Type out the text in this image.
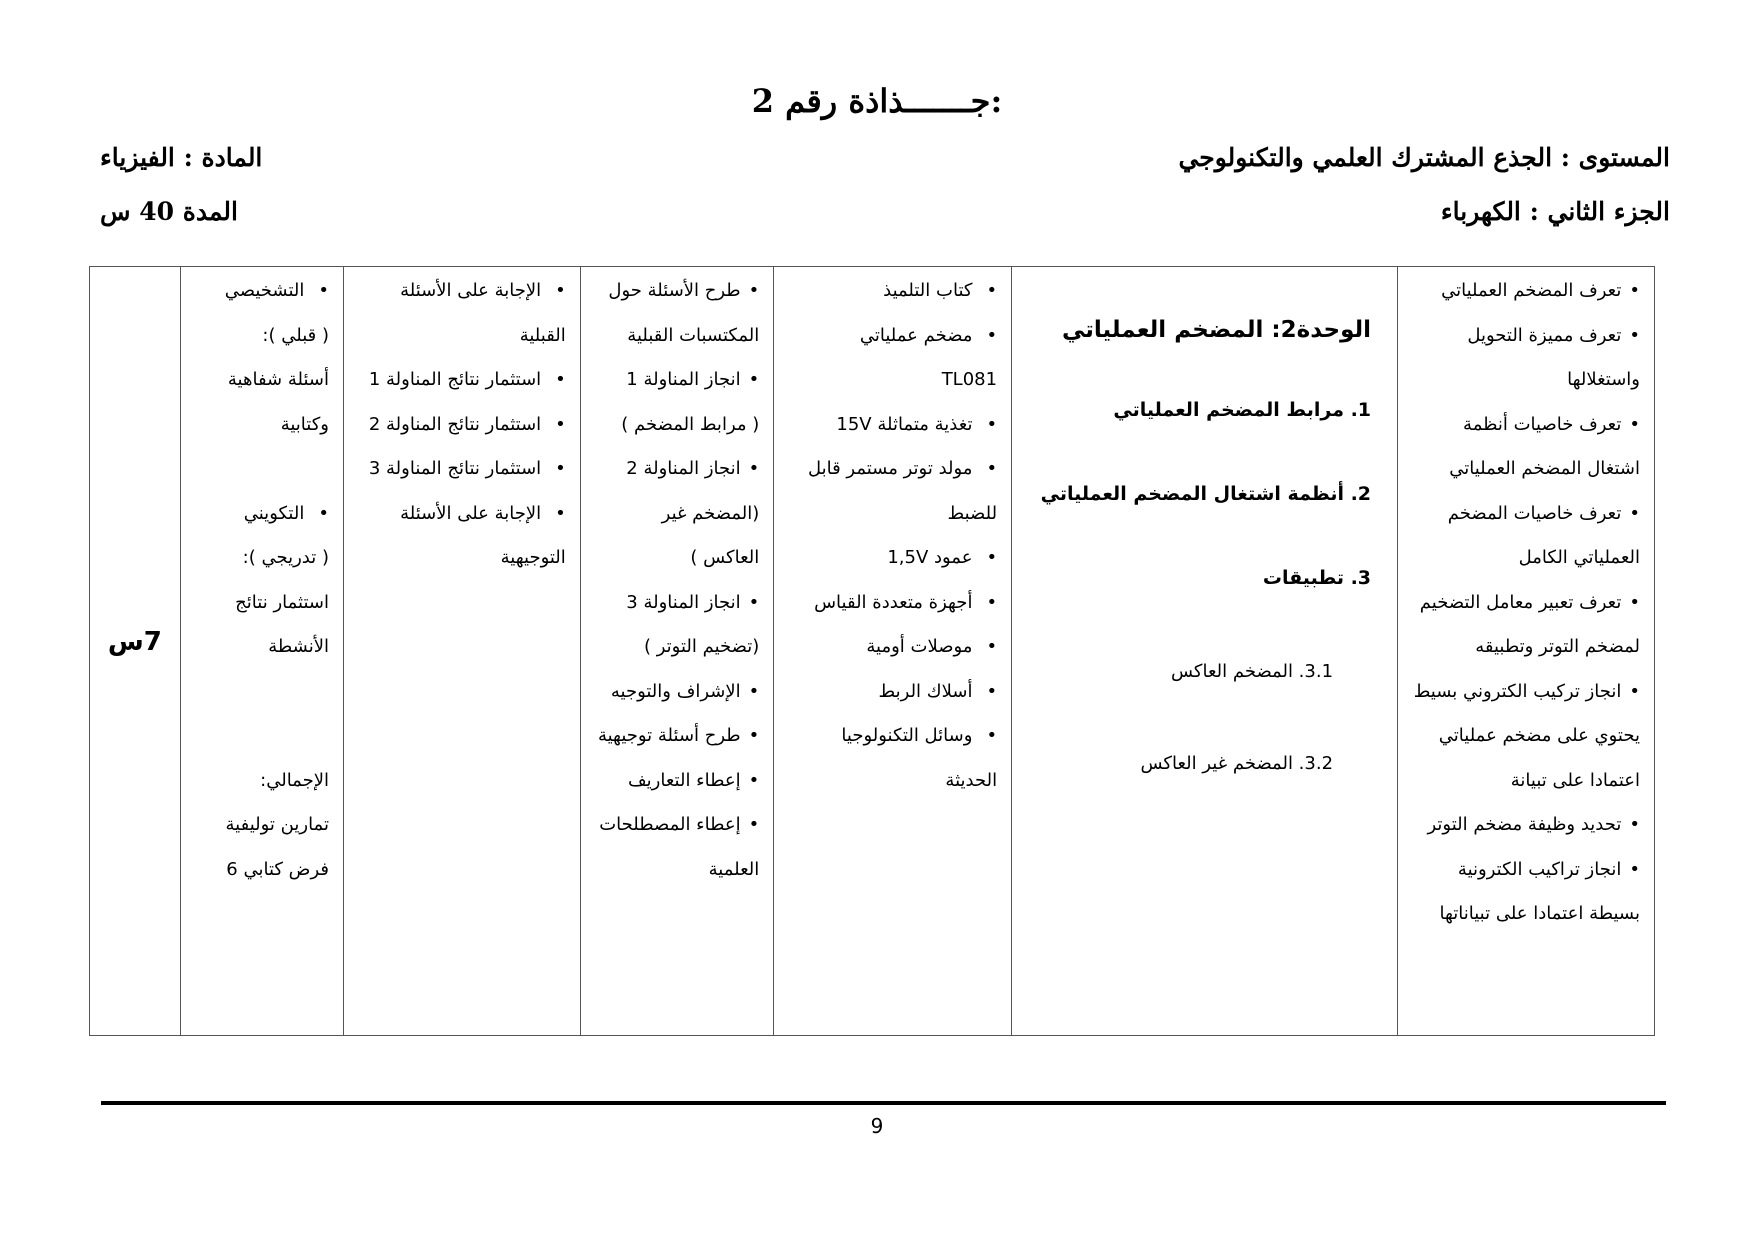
جـــــــذاذة رقم 2:
المستوى : الجذع المشترك العلمي والتكنولوجي
المادة : الفيزياء
الجزء الثاني : الكهرباء
المدة 40 س
• تعرف المضخم العملياتي
• تعرف مميزة التحويل
واستغلالها
• تعرف خاصيات أنظمة
اشتغال المضخم العملياتي
• تعرف خاصيات المضخم
العملياتي الكامل
• تعرف تعبير معامل التضخيم
لمضخم التوتر وتطبيقه
• انجاز تركيب الكتروني بسيط
يحتوي على مضخم عملياتي
اعتمادا على تبيانة
• تحديد وظيفة مضخم التوتر
• انجاز تراكيب الكترونية
بسيطة اعتمادا على تبياناتها

الوحدة2: المضخم العملياتي
1. مرابط المضخم العملياتي
2. أنظمة اشتغال المضخم العملياتي
3. تطبيقات
3.1. المضخم العاكس
3.2. المضخم غير العاكس

• كتاب التلميذ
• مضخم عملياتي
TL081
• تغذية متماثلة 15V
• مولد توتر مستمر قابل
للضبط
• عمود 1,5V
• أجهزة متعددة القياس
• موصلات أومية
• أسلاك الربط
• وسائل التكنولوجيا
الحديثة

• طرح الأسئلة حول
المكتسبات القبلية
• انجاز المناولة 1
( مرابط المضخم )
• انجاز المناولة 2
(المضخم غير
العاكس )
• انجاز المناولة 3
(تضخيم التوتر )
• الإشراف والتوجيه
• طرح أسئلة توجيهية
• إعطاء التعاريف
• إعطاء المصطلحات
العلمية

• الإجابة على الأسئلة
القبلية
• استثمار نتائج المناولة 1
• استثمار نتائج المناولة 2
• استثمار نتائج المناولة 3
• الإجابة على الأسئلة
التوجيهية

• التشخيصي
( قبلي ):
أسئلة شفاهية
وكتابية
• التكويني
( تدريجي ):
استثمار نتائج
الأنشطة
الإجمالي:
تمارين توليفية
فرض كتابي 6

7س
9
